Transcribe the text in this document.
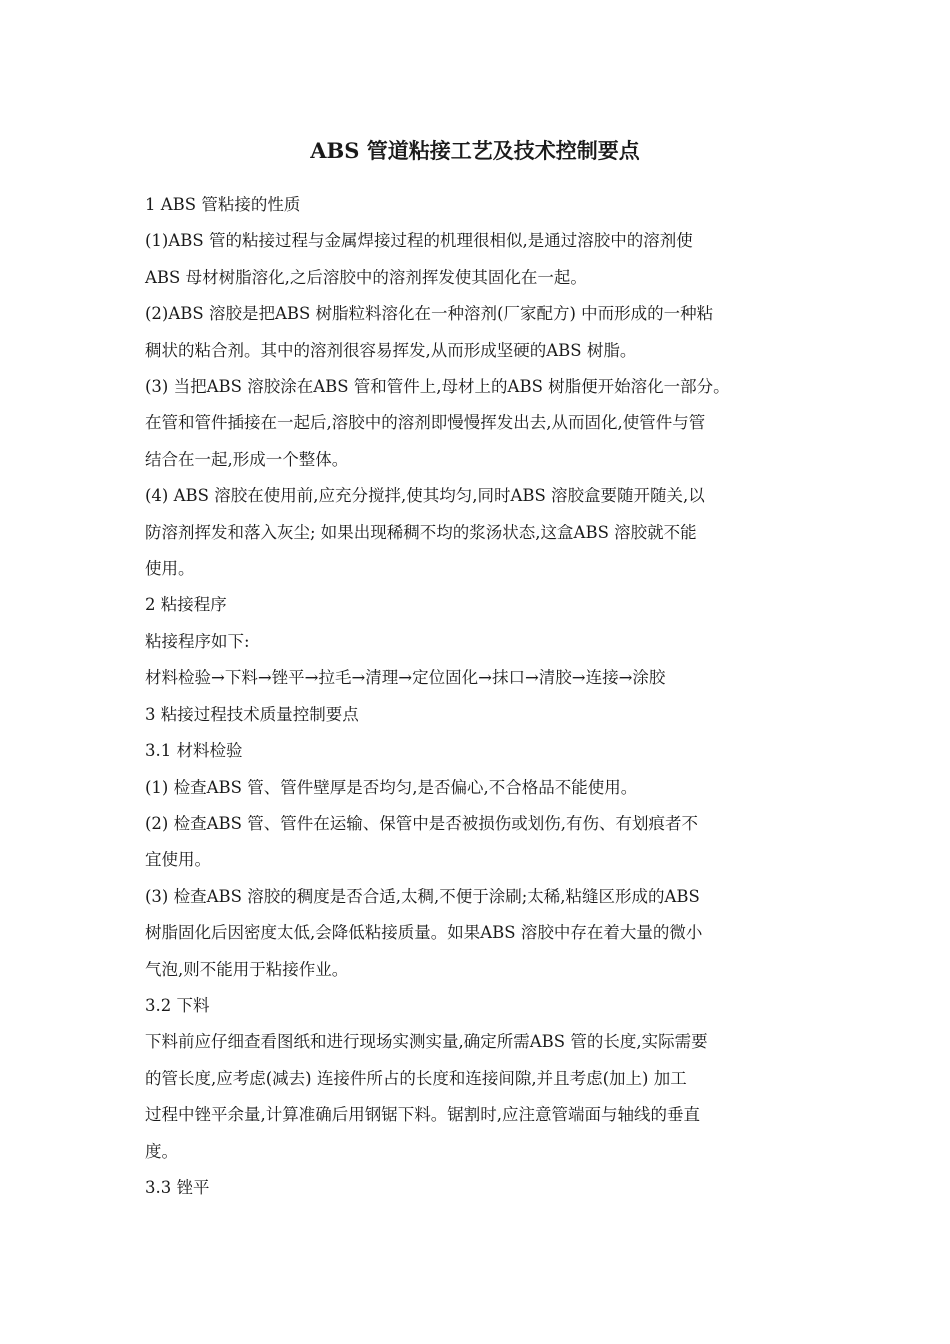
ABS 管道粘接工艺及技术控制要点

1 ABS 管粘接的性质

(1)ABS 管的粘接过程与金属焊接过程的机理很相似,是通过溶胶中的溶剂使

ABS 母材树脂溶化,之后溶胶中的溶剂挥发使其固化在一起。

(2)ABS 溶胶是把ABS 树脂粒料溶化在一种溶剂(厂家配方) 中而形成的一种粘

稠状的粘合剂。其中的溶剂很容易挥发,从而形成坚硬的ABS 树脂。

(3) 当把ABS 溶胶涂在ABS 管和管件上,母材上的ABS 树脂便开始溶化一部分。

在管和管件插接在一起后,溶胶中的溶剂即慢慢挥发出去,从而固化,使管件与管

结合在一起,形成一个整体。

(4) ABS 溶胶在使用前,应充分搅拌,使其均匀,同时ABS 溶胶盒要随开随关,以

防溶剂挥发和落入灰尘; 如果出现稀稠不均的浆汤状态,这盒ABS 溶胶就不能

使用。

2 粘接程序

粘接程序如下:

材料检验→下料→锉平→拉毛→清理→定位固化→抹口→清胶→连接→涂胶

3 粘接过程技术质量控制要点

3.1 材料检验

(1) 检查ABS 管、管件壁厚是否均匀,是否偏心,不合格品不能使用。

(2) 检查ABS 管、管件在运输、保管中是否被损伤或划伤,有伤、有划痕者不

宜使用。

(3) 检查ABS 溶胶的稠度是否合适,太稠,不便于涂刷;太稀,粘缝区形成的ABS

树脂固化后因密度太低,会降低粘接质量。如果ABS 溶胶中存在着大量的微小

气泡,则不能用于粘接作业。

3.2 下料

下料前应仔细查看图纸和进行现场实测实量,确定所需ABS 管的长度,实际需要

的管长度,应考虑(减去) 连接件所占的长度和连接间隙,并且考虑(加上) 加工

过程中锉平余量,计算准确后用钢锯下料。锯割时,应注意管端面与轴线的垂直

度。

3.3 锉平
